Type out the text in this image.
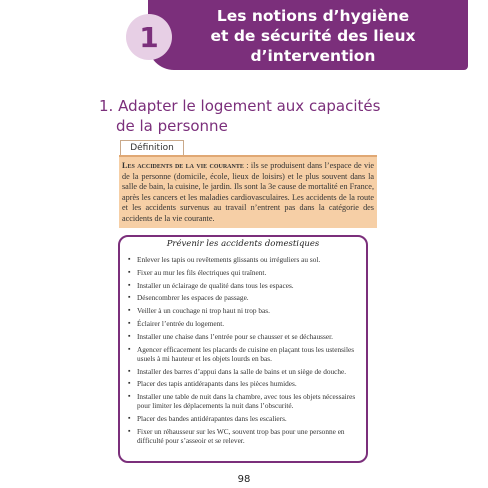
1
Les notions d’hygiène
et de sécurité des lieux
d’intervention
1. Adapter le logement aux capacités
de la personne
Définition
Les accidents de la vie courante : ils se produisent dans l’espace de vie de la personne (domicile, école, lieux de loisirs) et le plus souvent dans la salle de bain, la cuisine, le jardin. Ils sont la 3e cause de mortalité en France, après les cancers et les maladies cardiovasculaires. Les accidents de la route et les accidents survenus au travail n’entrent pas dans la catégorie des accidents de la vie courante.
Prévenir les accidents domestiques
▪ Enlever les tapis ou revêtements glissants ou irréguliers au sol.
▪ Fixer au mur les fils électriques qui traînent.
▪ Installer un éclairage de qualité dans tous les espaces.
▪ Désencombrer les espaces de passage.
▪ Veiller à un couchage ni trop haut ni trop bas.
▪ Éclairer l’entrée du logement.
▪ Installer une chaise dans l’entrée pour se chausser et se déchausser.
▪ Agencer efficacement les placards de cuisine en plaçant tous les ustensiles usuels à mi hauteur et les objets lourds en bas.
▪ Installer des barres d’appui dans la salle de bains et un siège de douche.
▪ Placer des tapis antidérapants dans les pièces humides.
▪ Installer une table de nuit dans la chambre, avec tous les objets nécessaires pour limiter les déplacements la nuit dans l’obscurité.
▪ Placer des bandes antidérapantes dans les escaliers.
▪ Fixer un réhausseur sur les WC, souvent trop bas pour une personne en difficulté pour s’asseoir et se relever.
98
